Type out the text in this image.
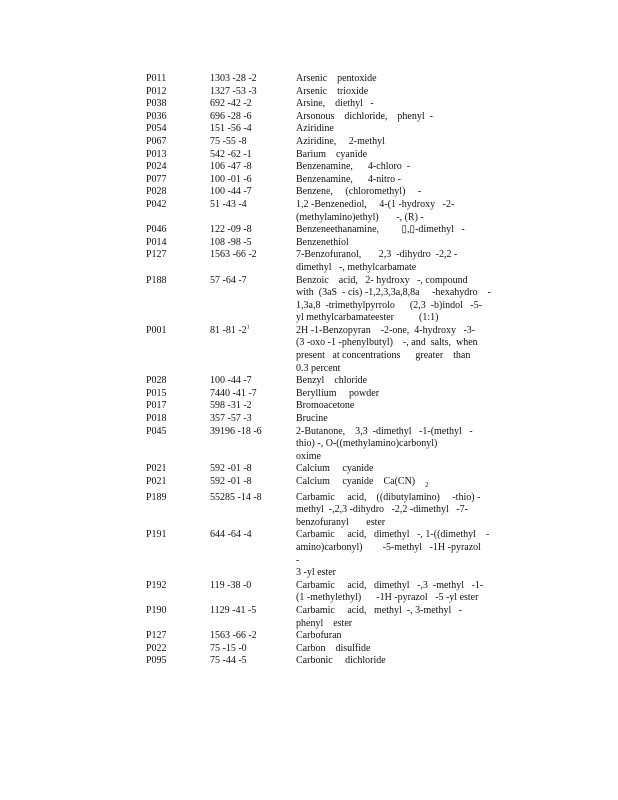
P011	1303 -28 -2	Arsenic    pentoxide
P012	1327 -53 -3	Arsenic    trioxide
P038	692 -42 -2	Arsine,    diethyl   -
P036	696 -28 -6	Arsonous    dichloride,    phenyl  -
P054	151 -56 -4	Aziridine
P067	75 -55 -8	Aziridine,     2-methyl
P013	542 -62 -1	Barium    cyanide
P024	106 -47 -8	Benzenamine,      4-chloro  -
P077	100 -01 -6	Benzenamine,      4-nitro -
P028	100 -44 -7	Benzene,     (chloromethyl)     -
P042	51 -43 -4	1,2 -Benzenediol,     4-(1 -hydroxy   -2-
(methylamino)ethyl)       -, (R) -
P046	122 -09 -8	Benzeneethanamine,         ▯,▯-dimethyl   -
P014	108 -98 -5	Benzenethiol
P127	1563 -66 -2	7-Benzofuranol,       2,3  -dihydro  -2,2 -
dimethyl   -, methylcarbamate
P188	57 -64 -7	Benzoic    acid,   2- hydroxy   -, compound
with  (3aS  - cis) -1,2,3,3a,8,8a     -hexahydro    -
1,3a,8  -trimethylpyrrolo      (2,3  -b)indol   -5-
yl methylcarbamateester          (1:1)
P001	81 -81 $-2^1$	2H -1-Benzopyran    -2-one,  4-hydroxy   -3-
(3 -oxo -1 -phenylbutyl)    -, and  salts,  when
present   at concentrations      greater    than
0.3 percent
P028	100 -44 -7	Benzyl    chloride
P015	7440 -41 -7	Beryllium     powder
P017	598 -31 -2	Bromoacetone
P018	357 -57 -3	Brucine
P045	39196 -18 -6	2-Butanone,    3,3  -dimethyl   -1-(methyl   -
thio) -, O-((methylamino)carbonyl)
oxime
P021	592 -01 -8	Calcium     cyanide
P021	592 -01 -8	Calcium     cyanide    Ca(CN) $_2$
P189	55285 -14 -8	Carbamic     acid,    ((dibutylamino)     -thio) -
methyl  -,2,3 -dihydro   -2,2 -dimethyl   -7-
benzofuranyl       ester
P191	644 -64 -4	Carbamic     acid,   dimethyl   -, 1-((dimethyl    -
amino)carbonyl)        -5-methyl   -1H -pyrazol   -
3 -yl ester
P192	119 -38 -0	Carbamic     acid,   dimethyl   -,3  -methyl   -1-
(1 -methylethyl)      -1H -pyrazol   -5 -yl ester
P190	1129 -41 -5	Carbamic     acid,   methyl  -, 3-methyl   -
phenyl    ester
P127	1563 -66 -2	Carbofuran
P022	75 -15 -0	Carbon    disulfide
P095	75 -44 -5	Carbonic     dichloride
